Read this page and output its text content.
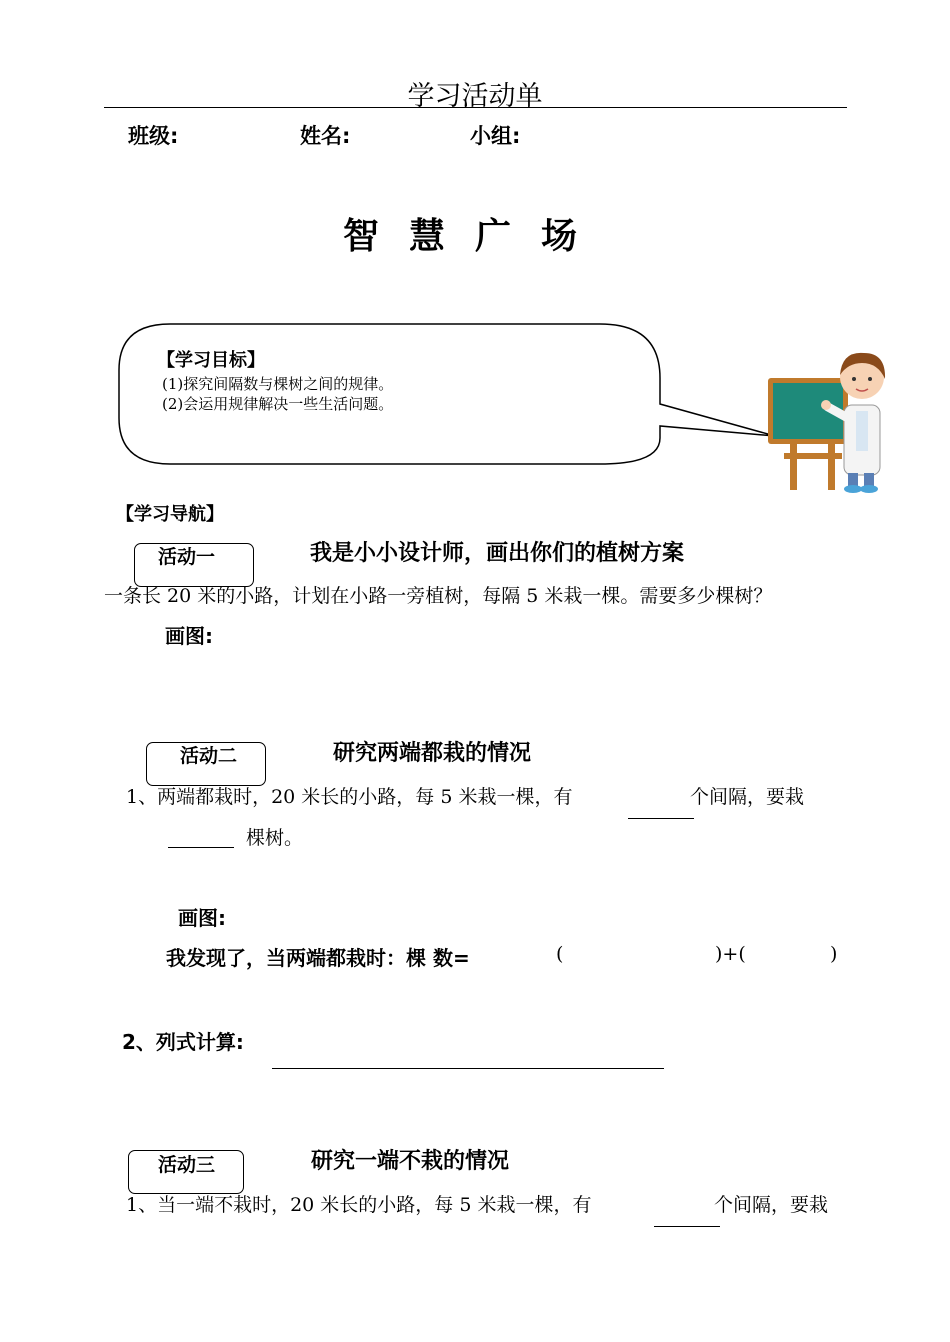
学习活动单
班级:	姓名:	小组:
智慧广场
【学习目标】
(1)探究间隔数与棵树之间的规律。
(2)会运用规律解决一些生活问题。
【学习导航】
活动一	我是小小设计师，画出你们的植树方案
一条长 20 米的小路，计划在小路一旁植树，每隔 5 米栽一棵。需要多少棵树？
画图:
活动二	研究两端都栽的情况
1、两端都栽时，20 米长的小路，每 5 米栽一棵，有	个间隔，要栽
棵树。
画图:
我发现了，当两端都栽时：棵 数=	(	)+(	)
2、列式计算:
活动三	研究一端不栽的情况
1、当一端不栽时，20 米长的小路，每 5 米栽一棵，有	个间隔，要栽
